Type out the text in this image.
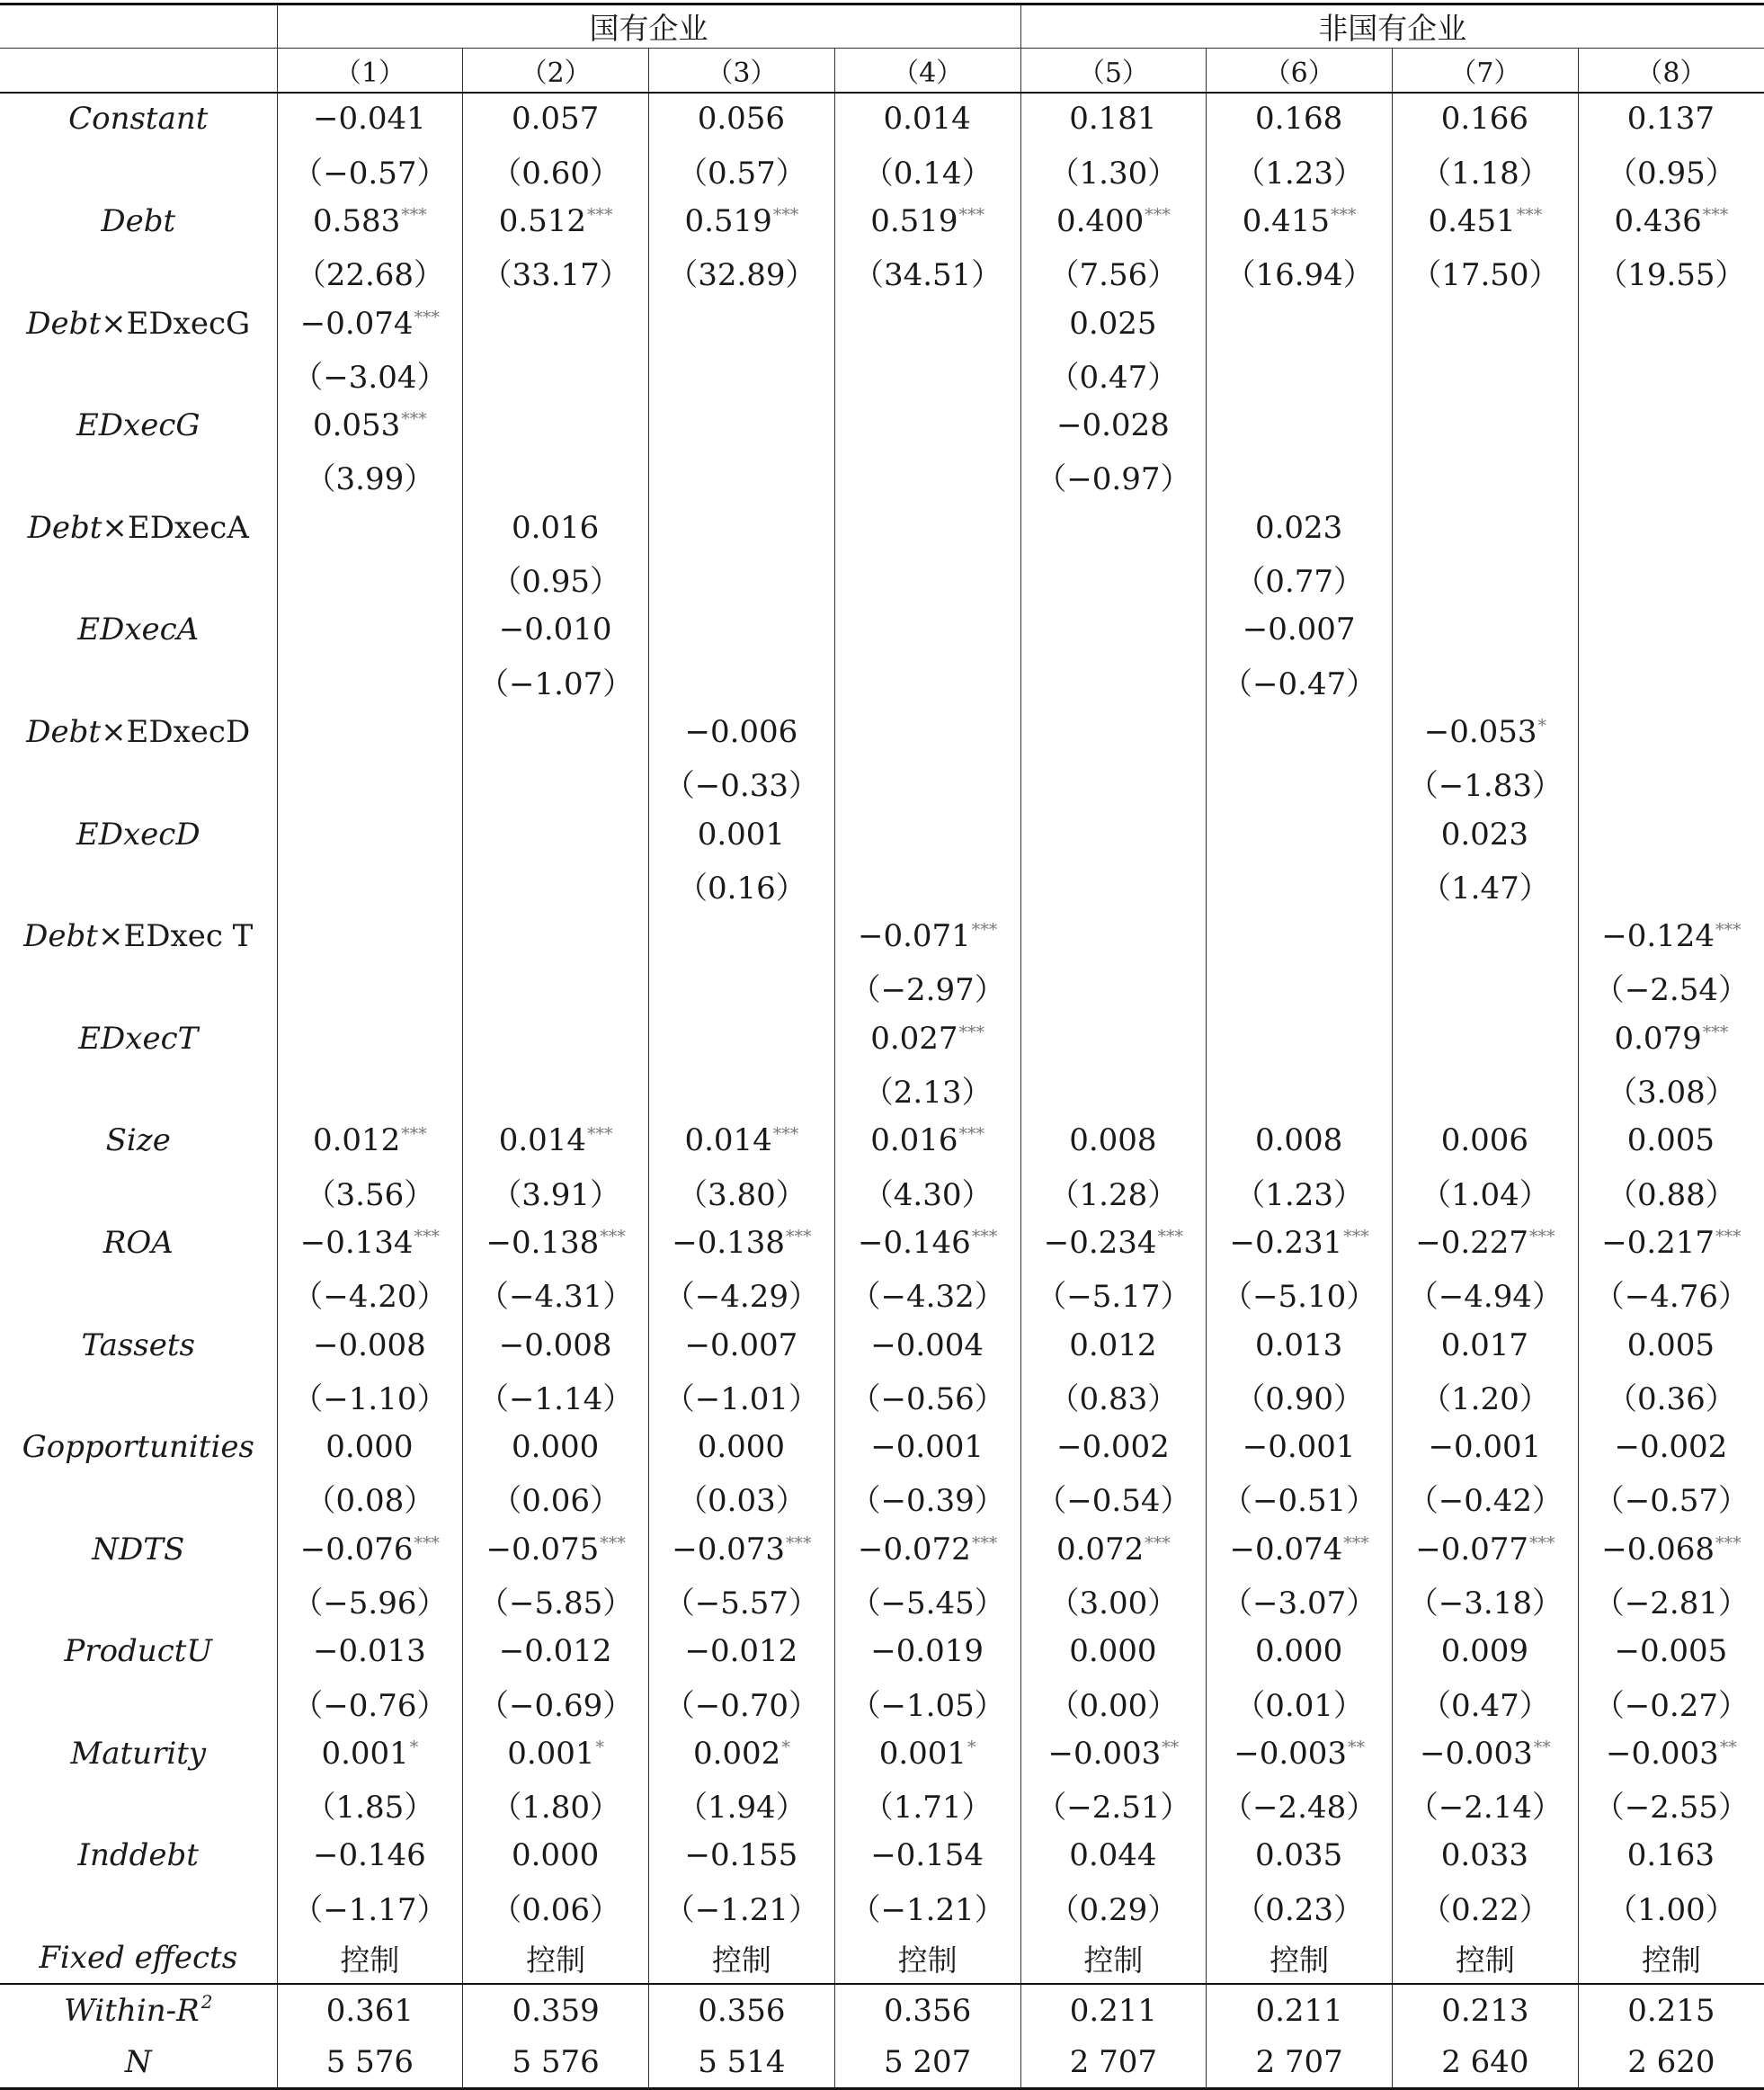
	国有企业				非国有企业			
	（1）	（2）	（3）	（4）	（5）	（6）	（7）	（8）
Constant	−0.041	0.057	0.056	0.014	0.181	0.168	0.166	0.137
	（−0.57）	（0.60）	（0.57）	（0.14）	（1.30）	（1.23）	（1.18）	（0.95）
Debt	0.583***	0.512***	0.519***	0.519***	0.400***	0.415***	0.451***	0.436***
	（22.68）	（33.17）	（32.89）	（34.51）	（7.56）	（16.94）	（17.50）	（19.55）
Debt×EDxecG	−0.074***				0.025			
	（−3.04）				（0.47）			
EDxecG	0.053***				−0.028			
	（3.99）				（−0.97）			
Debt×EDxecA		0.016				0.023		
		（0.95）				（0.77）		
EDxecA		−0.010				−0.007		
		（−1.07）				（−0.47）		
Debt×EDxecD			−0.006				−0.053*	
			（−0.33）				（−1.83）	
EDxecD			0.001				0.023	
			（0.16）				（1.47）	
Debt×EDxec T				−0.071***				−0.124***
				（−2.97）				（−2.54）
EDxecT				0.027***				0.079***
				（2.13）				（3.08）
Size	0.012***	0.014***	0.014***	0.016***	0.008	0.008	0.006	0.005
	（3.56）	（3.91）	（3.80）	（4.30）	（1.28）	（1.23）	（1.04）	（0.88）
ROA	−0.134***	−0.138***	−0.138***	−0.146***	−0.234***	−0.231***	−0.227***	−0.217***
	（−4.20）	（−4.31）	（−4.29）	（−4.32）	（−5.17）	（−5.10）	（−4.94）	（−4.76）
Tassets	−0.008	−0.008	−0.007	−0.004	0.012	0.013	0.017	0.005
	（−1.10）	（−1.14）	（−1.01）	（−0.56）	（0.83）	（0.90）	（1.20）	（0.36）
Gopportunities	0.000	0.000	0.000	−0.001	−0.002	−0.001	−0.001	−0.002
	（0.08）	（0.06）	（0.03）	（−0.39）	（−0.54）	（−0.51）	（−0.42）	（−0.57）
NDTS	−0.076***	−0.075***	−0.073***	−0.072***	0.072***	−0.074***	−0.077***	−0.068***
	（−5.96）	（−5.85）	（−5.57）	（−5.45）	（3.00）	（−3.07）	（−3.18）	（−2.81）
ProductU	−0.013	−0.012	−0.012	−0.019	0.000	0.000	0.009	−0.005
	（−0.76）	（−0.69）	（−0.70）	（−1.05）	（0.00）	（0.01）	（0.47）	（−0.27）
Maturity	0.001*	0.001*	0.002*	0.001*	−0.003**	−0.003**	−0.003**	−0.003**
	（1.85）	（1.80）	（1.94）	（1.71）	（−2.51）	（−2.48）	（−2.14）	（−2.55）
Inddebt	−0.146	0.000	−0.155	−0.154	0.044	0.035	0.033	0.163
	（−1.17）	（0.06）	（−1.21）	（−1.21）	（0.29）	（0.23）	（0.22）	（1.00）
Fixed effects	控制	控制	控制	控制	控制	控制	控制	控制
Within-R $^2$	0.361	0.359	0.356	0.356	0.211	0.211	0.213	0.215
N	5 576	5 576	5 514	5 207	2 707	2 707	2 640	2 620
